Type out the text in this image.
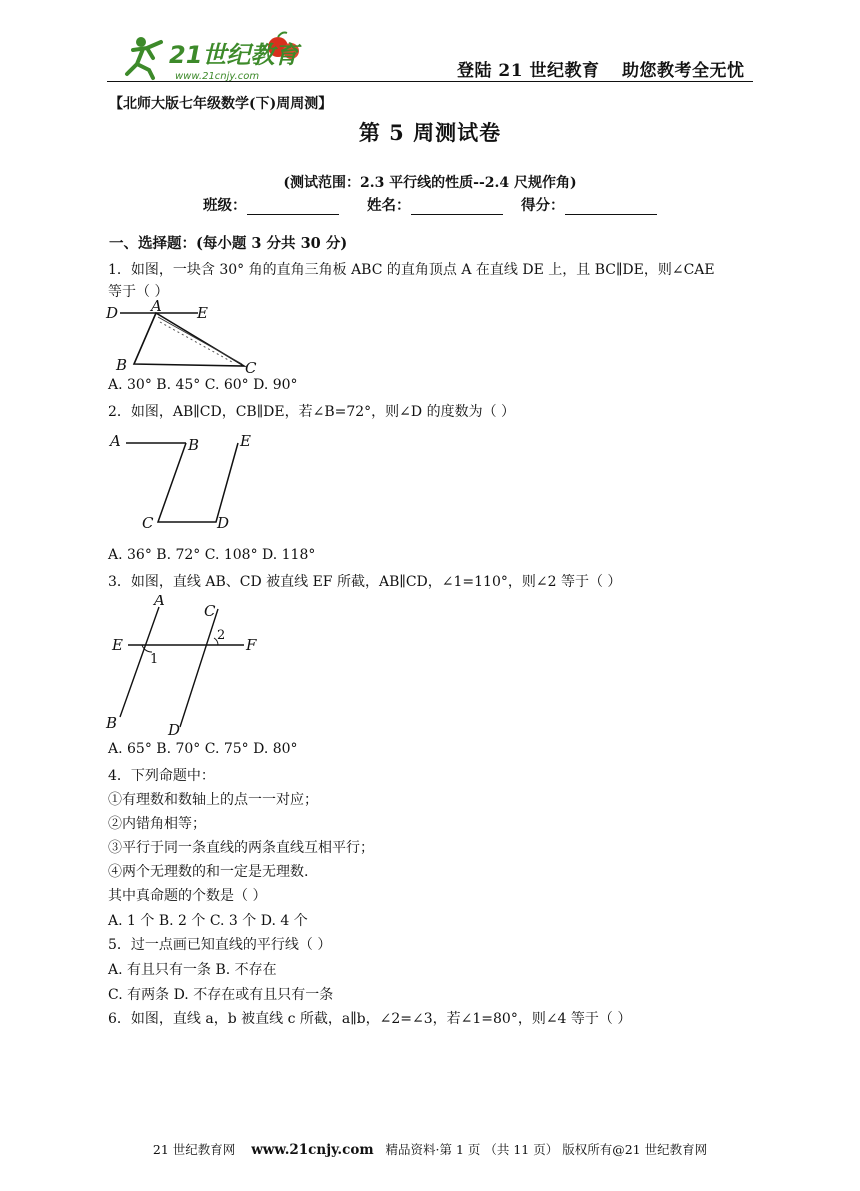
21世纪教育
www.21cnjy.com	登陆 21 世纪教育 助您教考全无忧
【北师大版七年级数学(下)周周测】
第 5 周测试卷
(测试范围：2.3 平行线的性质--2.4 尺规作角)
班级：	姓名：	得分：
一、选择题：(每小题 3 分共 30 分)
1．如图，一块含 30° 角的直角三角板 ABC 的直角顶点 A 在直线 DE 上，且 BC∥DE，则∠CAE
等于（ ）
D A E
B	C
A. 30° B. 45° C. 60° D. 90°
2．如图，AB∥CD，CB∥DE，若∠B=72°，则∠D 的度数为（ ）
A	B	E
C	D
A. 36° B. 72° C. 108° D. 118°
3．如图，直线 AB、CD 被直线 EF 所截，AB∥CD，∠1=110°，则∠2 等于（ ）
A
C
E	F
1
2
B	D
A. 65° B. 70° C. 75° D. 80°
4．下列命题中：
①有理数和数轴上的点一一对应；
②内错角相等；
③平行于同一条直线的两条直线互相平行；
④两个无理数的和一定是无理数.
其中真命题的个数是（ ）
A. 1 个 B. 2 个 C. 3 个 D. 4 个
5．过一点画已知直线的平行线（ ）
A. 有且只有一条 B. 不存在
C. 有两条 D. 不存在或有且只有一条
6．如图，直线 a，b 被直线 c 所截，a∥b，∠2=∠3，若∠1=80°，则∠4 等于（ ）
21 世纪教育网 www.21cnjy.com 精品资料·第 1 页 （共 11 页） 版权所有@21 世纪教育网
